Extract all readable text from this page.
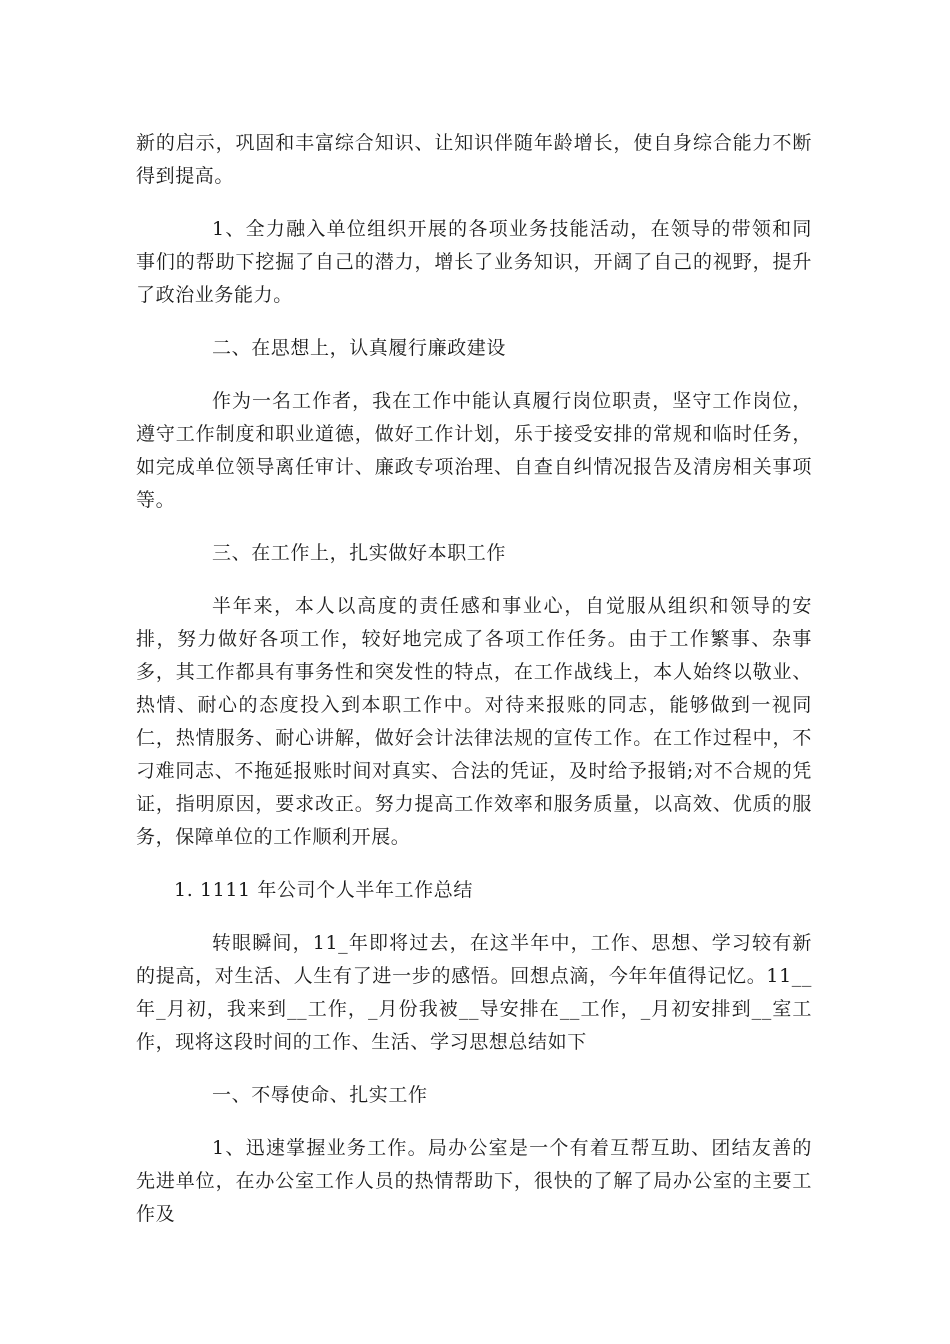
新的启示，巩固和丰富综合知识、让知识伴随年龄增长，使自身综合能力不断得到提高。

1、全力融入单位组织开展的各项业务技能活动，在领导的带领和同事们的帮助下挖掘了自己的潜力，增长了业务知识，开阔了自己的视野，提升了政治业务能力。

二、在思想上，认真履行廉政建设

作为一名工作者，我在工作中能认真履行岗位职责，坚守工作岗位，遵守工作制度和职业道德，做好工作计划，乐于接受安排的常规和临时任务，如完成单位领导离任审计、廉政专项治理、自查自纠情况报告及清房相关事项等。

三、在工作上，扎实做好本职工作

半年来，本人以高度的责任感和事业心，自觉服从组织和领导的安排，努力做好各项工作，较好地完成了各项工作任务。由于工作繁事、杂事多，其工作都具有事务性和突发性的特点，在工作战线上，本人始终以敬业、热情、耐心的态度投入到本职工作中。对待来报账的同志，能够做到一视同仁，热情服务、耐心讲解，做好会计法律法规的宣传工作。在工作过程中，不刁难同志、不拖延报账时间对真实、合法的凭证，及时给予报销;对不合规的凭证，指明原因，要求改正。努力提高工作效率和服务质量，以高效、优质的服务，保障单位的工作顺利开展。

1. 1111 年公司个人半年工作总结

转眼瞬间，11_年即将过去，在这半年中，工作、思想、学习较有新的提高，对生活、人生有了进一步的感悟。回想点滴，今年年值得记忆。11__年_月初，我来到__工作，_月份我被__导安排在__工作，_月初安排到__室工作，现将这段时间的工作、生活、学习思想总结如下

一、不辱使命、扎实工作

1、迅速掌握业务工作。局办公室是一个有着互帮互助、团结友善的先进单位，在办公室工作人员的热情帮助下，很快的了解了局办公室的主要工作及
